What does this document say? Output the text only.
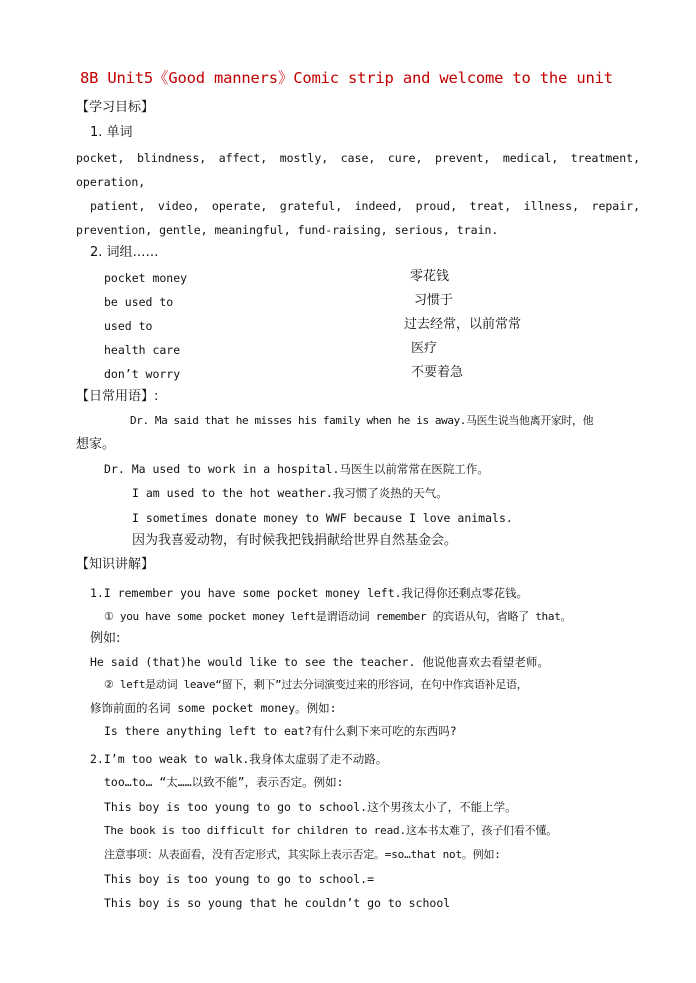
8B Unit5《Good manners》Comic strip and welcome to the unit
【学习目标】
1. 单词
pocket, blindness, affect, mostly, case, cure, prevent, medical, treatment,
operation,
patient, video, operate, grateful, indeed, proud, treat, illness, repair,
prevention, gentle, meaningful, fund-raising, serious, train.
2. 词组……
pocket money	零花钱
be used to	习惯于
used to	过去经常，以前常常
health care	医疗
don’t worry	不要着急
【日常用语】:
Dr. Ma said that he misses his family when he is away.马医生说当他离开家时，他
想家。
Dr. Ma used to work in a hospital.马医生以前常常在医院工作。
I am used to the hot weather.我习惯了炎热的天气。
I sometimes donate money to WWF because I love animals.
因为我喜爱动物，有时候我把钱捐献给世界自然基金会。
【知识讲解】
1.I remember you have some pocket money left.我记得你还剩点零花钱。
① you have some pocket money left是谓语动词 remember 的宾语从句，省略了 that。
例如:
He said (that)he would like to see the teacher. 他说他喜欢去看望老师。
② left是动词 leave“留下，剩下”过去分词演变过来的形容词，在句中作宾语补足语，
修饰前面的名词 some pocket money。例如:
Is there anything left to eat?有什么剩下来可吃的东西吗?
2.I’m too weak to walk.我身体太虚弱了走不动路。
too…to… “太……以致不能”，表示否定。例如:
This boy is too young to go to school.这个男孩太小了，不能上学。
The book is too difficult for children to read.这本书太难了，孩子们看不懂。
注意事项：从表面看，没有否定形式，其实际上表示否定。=so…that not。例如:
This boy is too young to go to school.=
This boy is so young that he couldn’t go to school
